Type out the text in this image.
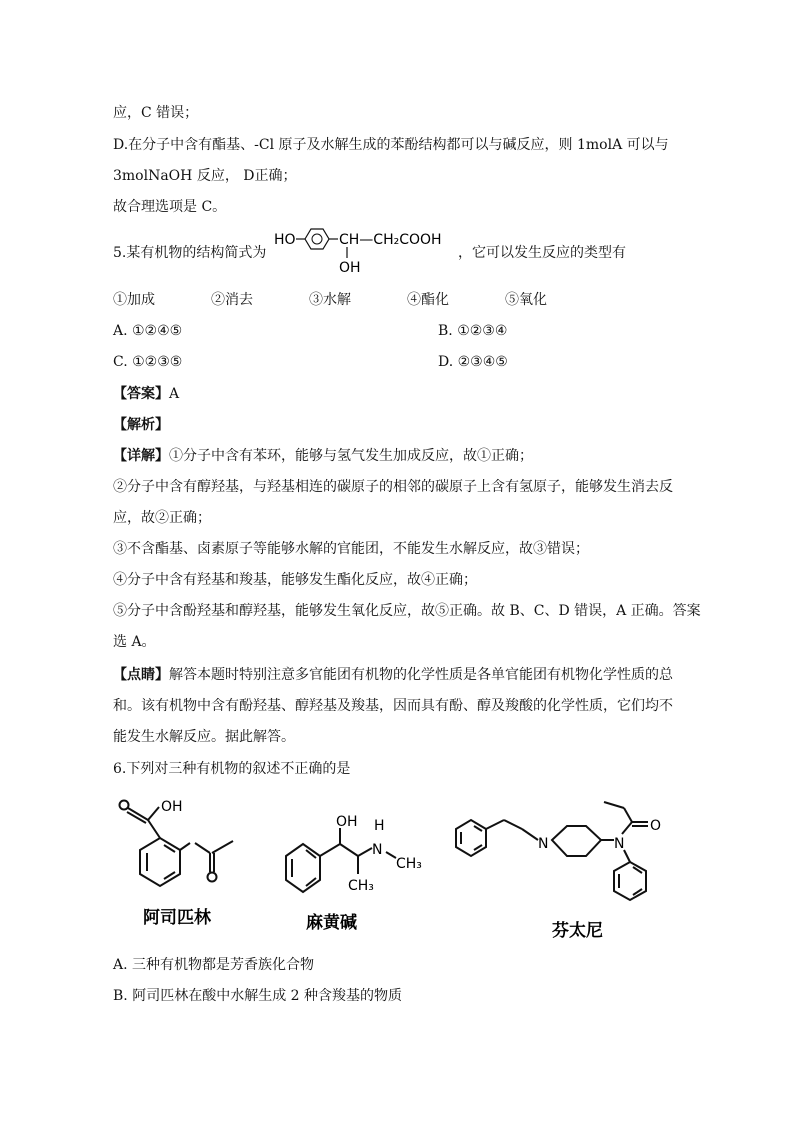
应，C 错误；
D.在分子中含有酯基、-Cl 原子及水解生成的苯酚结构都可以与碱反应，则 1molA 可以与
3molNaOH 反应， D正确；
故合理选项是 C。
5.某有机物的结构简式为
HO	CH—CH₂COOH
OH
，它可以发生反应的类型有
①加成	②消去	③水解	④酯化	⑤氧化
A. ①②④⑤	B. ①②③④
C. ①②③⑤	D. ②③④⑤
【答案】A
【解析】
【详解】①分子中含有苯环，能够与氢气发生加成反应，故①正确；
②分子中含有醇羟基，与羟基相连的碳原子的相邻的碳原子上含有氢原子，能够发生消去反
应，故②正确；
③不含酯基、卤素原子等能够水解的官能团，不能发生水解反应，故③错误；
④分子中含有羟基和羧基，能够发生酯化反应，故④正确；
⑤分子中含酚羟基和醇羟基，能够发生氧化反应，故⑤正确。故 B、C、D 错误，A 正确。答案
选 A。
【点睛】解答本题时特别注意多官能团有机物的化学性质是各单官能团有机物化学性质的总
和。该有机物中含有酚羟基、醇羟基及羧基，因而具有酚、醇及羧酸的化学性质，它们均不
能发生水解反应。据此解答。
6.下列对三种有机物的叙述不正确的是
OH
阿司匹林
OH
CH₃
N
H
CH₃
麻黄碱
N	N
O
芬太尼
A. 三种有机物都是芳香族化合物
B. 阿司匹林在酸中水解生成 2 种含羧基的物质
